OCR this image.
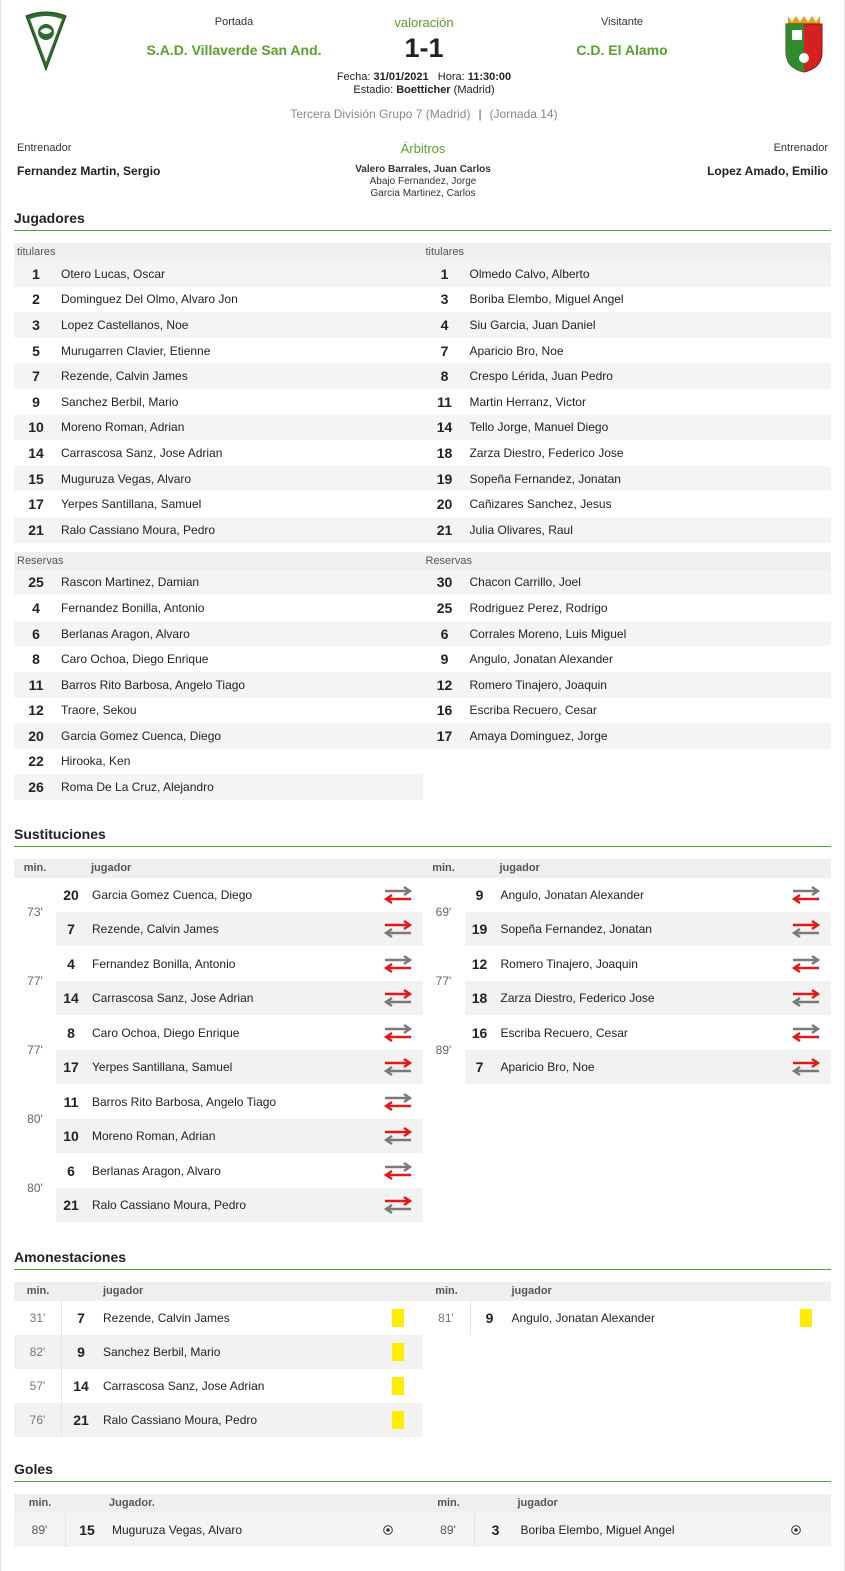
Portada
S.A.D. Villaverde San And.
valoración
1-1
Visitante
C.D. El Alamo
Fecha: 31/01/2021 Hora: 11:30:00
Estadio: Boetticher (Madrid)
Tercera División Grupo 7 (Madrid) | (Jornada 14)
Entrenador
Fernandez Martin, Sergio
Árbitros
Valero Barrales, Juan Carlos
Abajo Fernandez, Jorge
Garcia Martinez, Carlos
Entrenador
Lopez Amado, Emilio
Jugadores
titulares
1	Otero Lucas, Oscar
2	Dominguez Del Olmo, Alvaro Jon
3	Lopez Castellanos, Noe
5	Murugarren Clavier, Etienne
7	Rezende, Calvin James
9	Sanchez Berbil, Mario
10	Moreno Roman, Adrian
14	Carrascosa Sanz, Jose Adrian
15	Muguruza Vegas, Alvaro
17	Yerpes Santillana, Samuel
21	Ralo Cassiano Moura, Pedro
titulares
1	Olmedo Calvo, Alberto
3	Boriba Elembo, Miguel Angel
4	Siu Garcia, Juan Daniel
7	Aparicio Bro, Noe
8	Crespo Lérida, Juan Pedro
11	Martin Herranz, Victor
14	Tello Jorge, Manuel Diego
18	Zarza Diestro, Federico Jose
19	Sopeña Fernandez, Jonatan
20	Cañizares Sanchez, Jesus
21	Julia Olivares, Raul
Reservas
25	Rascon Martinez, Damian
4	Fernandez Bonilla, Antonio
6	Berlanas Aragon, Alvaro
8	Caro Ochoa, Diego Enrique
11	Barros Rito Barbosa, Angelo Tiago
12	Traore, Sekou
20	Garcia Gomez Cuenca, Diego
22	Hirooka, Ken
26	Roma De La Cruz, Alejandro
Reservas
30	Chacon Carrillo, Joel
25	Rodriguez Perez, Rodrigo
6	Corrales Moreno, Luis Miguel
9	Angulo, Jonatan Alexander
12	Romero Tinajero, Joaquin
16	Escriba Recuero, Cesar
17	Amaya Dominguez, Jorge
Sustituciones
min.	jugador
73'
20	Garcia Gomez Cuenca, Diego
7	Rezende, Calvin James
77'
4	Fernandez Bonilla, Antonio
14	Carrascosa Sanz, Jose Adrian
77'
8	Caro Ochoa, Diego Enrique
17	Yerpes Santillana, Samuel
80'
11	Barros Rito Barbosa, Angelo Tiago
10	Moreno Roman, Adrian
80'
6	Berlanas Aragon, Alvaro
21	Ralo Cassiano Moura, Pedro
min.	jugador
69'
9	Angulo, Jonatan Alexander
19	Sopeña Fernandez, Jonatan
77'
12	Romero Tinajero, Joaquin
18	Zarza Diestro, Federico Jose
89'
16	Escriba Recuero, Cesar
7	Aparicio Bro, Noe
Amonestaciones
min.	jugador
31'	7	Rezende, Calvin James
82'	9	Sanchez Berbil, Mario
57'	14	Carrascosa Sanz, Jose Adrian
76'	21	Ralo Cassiano Moura, Pedro
min.	jugador
81'	9	Angulo, Jonatan Alexander
Goles
min.	Jugador.
89'	15	Muguruza Vegas, Alvaro
min.	jugador
89'	3	Boriba Elembo, Miguel Angel
